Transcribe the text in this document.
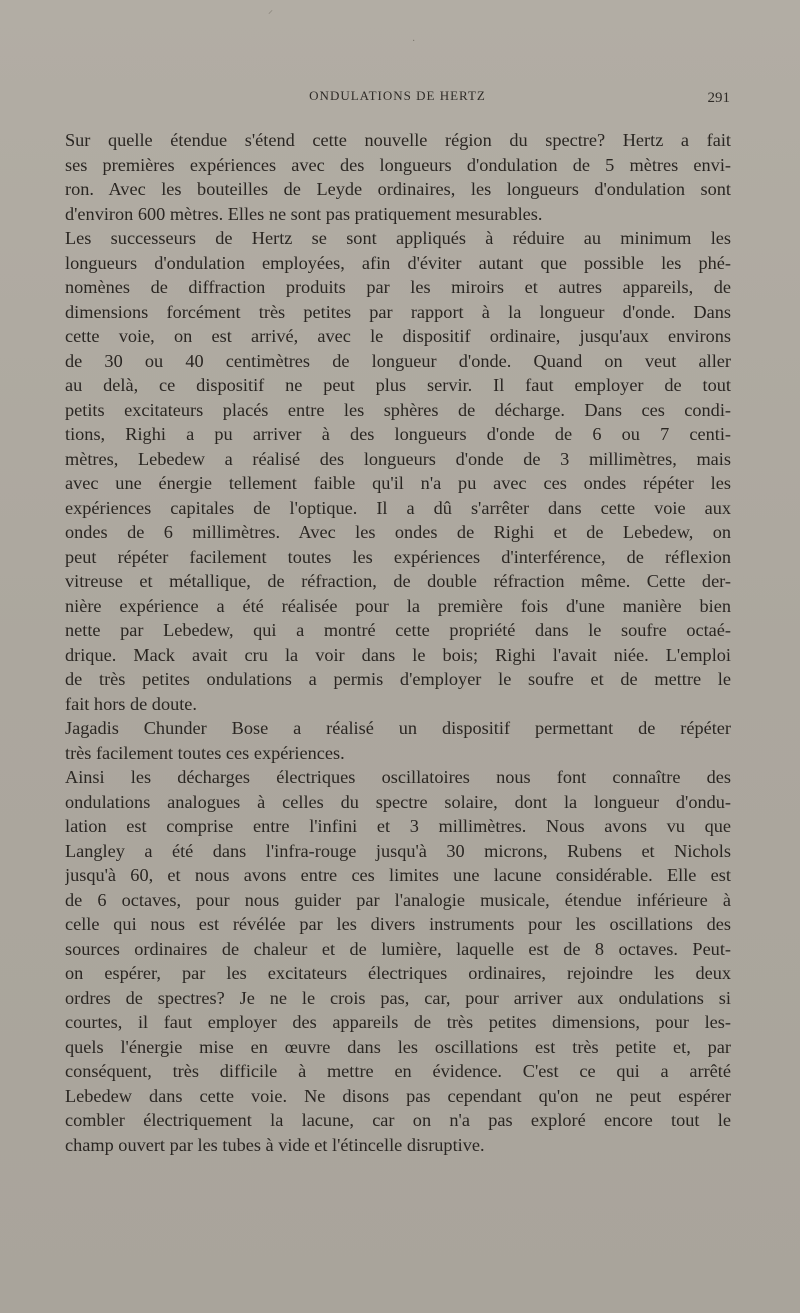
⸝
·
ONDULATIONS DE HERTZ	291

Sur quelle étendue s'étend cette nouvelle région du spectre? Hertz a fait
ses premières expériences avec des longueurs d'ondulation de 5 mètres envi-
ron. Avec les bouteilles de Leyde ordinaires, les longueurs d'ondulation sont
d'environ 600 mètres. Elles ne sont pas pratiquement mesurables.

Les successeurs de Hertz se sont appliqués à réduire au minimum les
longueurs d'ondulation employées, afin d'éviter autant que possible les phé-
nomènes de diffraction produits par les miroirs et autres appareils, de
dimensions forcément très petites par rapport à la longueur d'onde. Dans
cette voie, on est arrivé, avec le dispositif ordinaire, jusqu'aux environs
de 30 ou 40 centimètres de longueur d'onde. Quand on veut aller
au delà, ce dispositif ne peut plus servir. Il faut employer de tout
petits excitateurs placés entre les sphères de décharge. Dans ces condi-
tions, Righi a pu arriver à des longueurs d'onde de 6 ou 7 centi-
mètres, Lebedew a réalisé des longueurs d'onde de 3 millimètres, mais
avec une énergie tellement faible qu'il n'a pu avec ces ondes répéter les
expériences capitales de l'optique. Il a dû s'arrêter dans cette voie aux
ondes de 6 millimètres. Avec les ondes de Righi et de Lebedew, on
peut répéter facilement toutes les expériences d'interférence, de réflexion
vitreuse et métallique, de réfraction, de double réfraction même. Cette der-
nière expérience a été réalisée pour la première fois d'une manière bien
nette par Lebedew, qui a montré cette propriété dans le soufre octaé-
drique. Mack avait cru la voir dans le bois; Righi l'avait niée. L'emploi
de très petites ondulations a permis d'employer le soufre et de mettre le
fait hors de doute.

Jagadis Chunder Bose a réalisé un dispositif permettant de répéter
très facilement toutes ces expériences.

Ainsi les décharges électriques oscillatoires nous font connaître des
ondulations analogues à celles du spectre solaire, dont la longueur d'ondu-
lation est comprise entre l'infini et 3 millimètres. Nous avons vu que
Langley a été dans l'infra-rouge jusqu'à 30 microns, Rubens et Nichols
jusqu'à 60, et nous avons entre ces limites une lacune considérable. Elle est
de 6 octaves, pour nous guider par l'analogie musicale, étendue inférieure à
celle qui nous est révélée par les divers instruments pour les oscillations des
sources ordinaires de chaleur et de lumière, laquelle est de 8 octaves. Peut-
on espérer, par les excitateurs électriques ordinaires, rejoindre les deux
ordres de spectres? Je ne le crois pas, car, pour arriver aux ondulations si
courtes, il faut employer des appareils de très petites dimensions, pour les-
quels l'énergie mise en œuvre dans les oscillations est très petite et, par
conséquent, très difficile à mettre en évidence. C'est ce qui a arrêté
Lebedew dans cette voie. Ne disons pas cependant qu'on ne peut espérer
combler électriquement la lacune, car on n'a pas exploré encore tout le
champ ouvert par les tubes à vide et l'étincelle disruptive.
